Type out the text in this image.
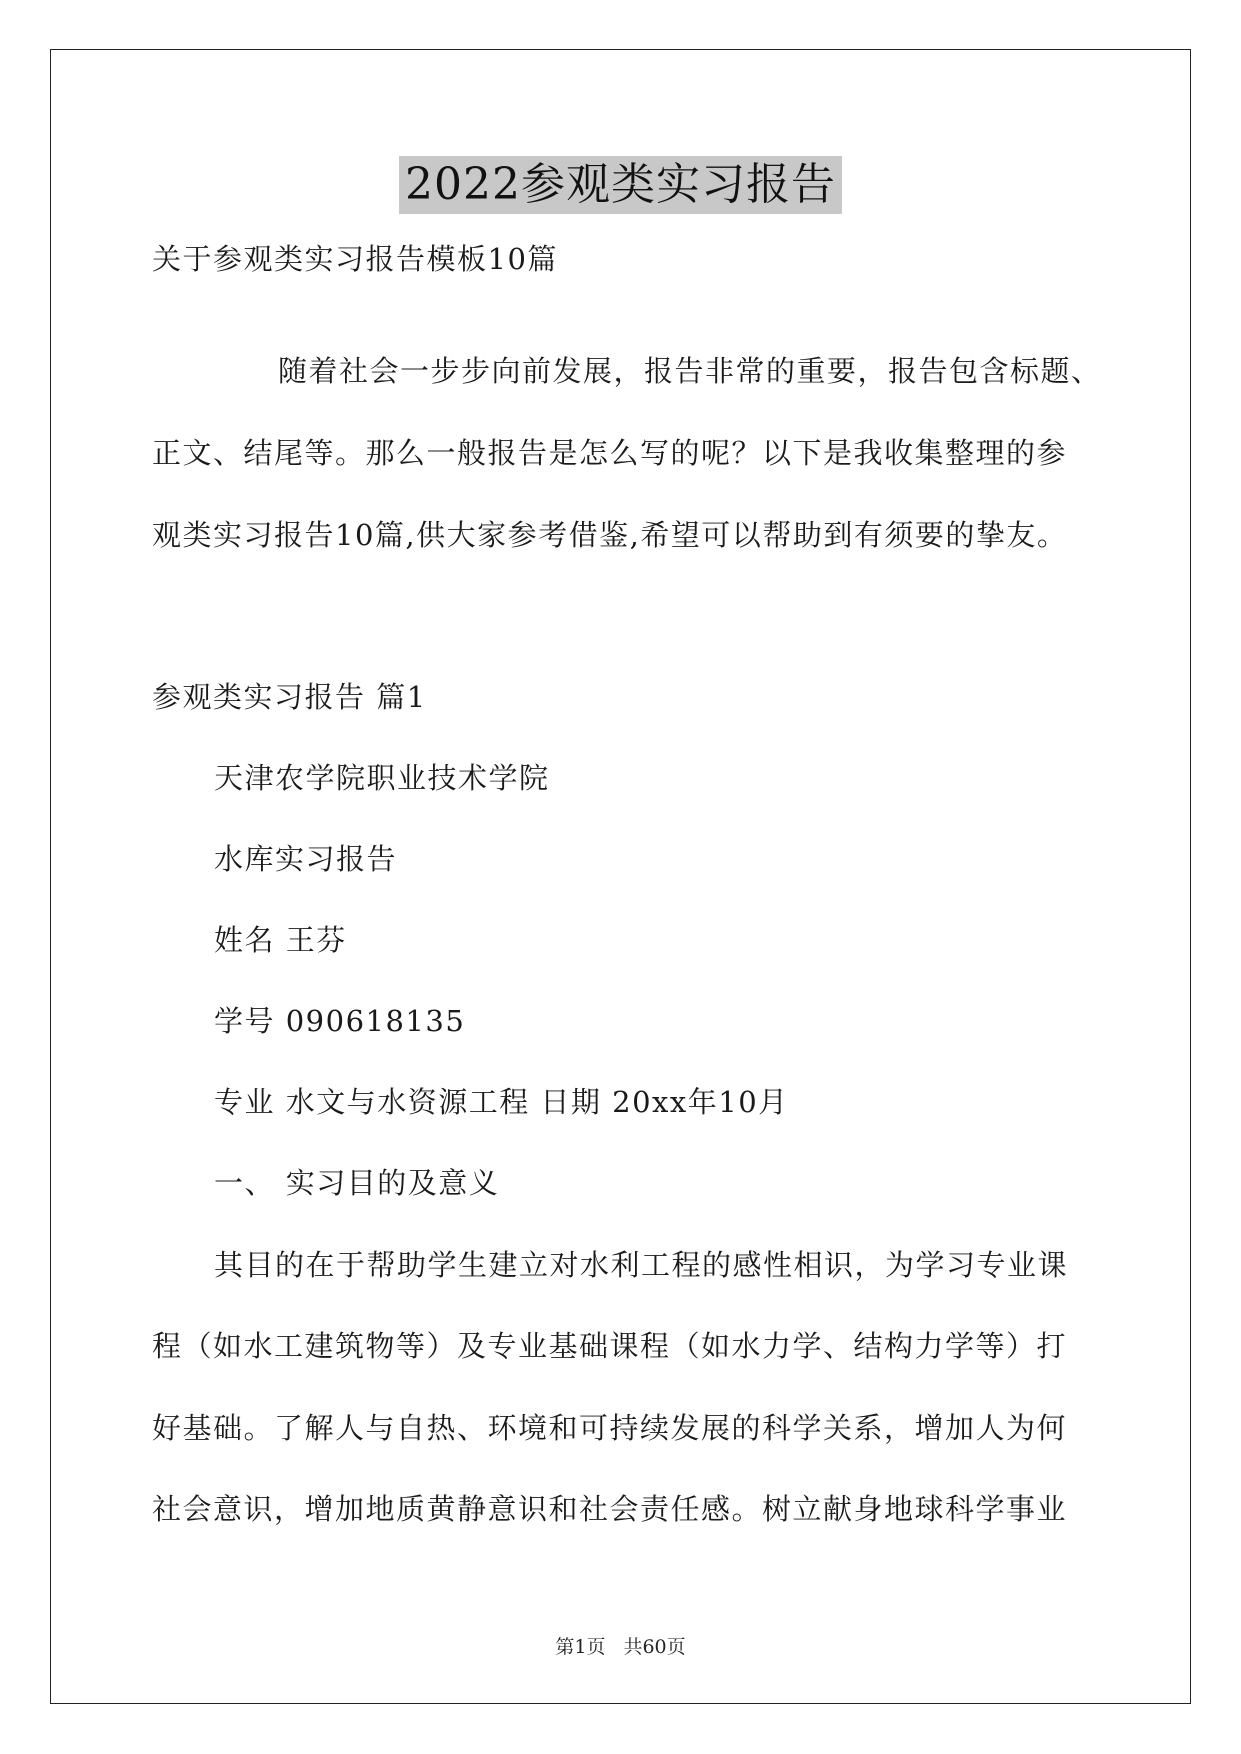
2022参观类实习报告
关于参观类实习报告模板10篇
随着社会一步步向前发展，报告非常的重要，报告包含标题、
正文、结尾等。那么一般报告是怎么写的呢？以下是我收集整理的参
观类实习报告10篇,供大家参考借鉴,希望可以帮助到有须要的挚友。
参观类实习报告 篇1
天津农学院职业技术学院
水库实习报告
姓名 王芬
学号 090618135
专业 水文与水资源工程 日期 20xx年10月
一、 实习目的及意义
其目的在于帮助学生建立对水利工程的感性相识，为学习专业课
程（如水工建筑物等）及专业基础课程（如水力学、结构力学等）打
好基础。了解人与自热、环境和可持续发展的科学关系，增加人为何
社会意识，增加地质黄静意识和社会责任感。树立献身地球科学事业
第1页 共60页
